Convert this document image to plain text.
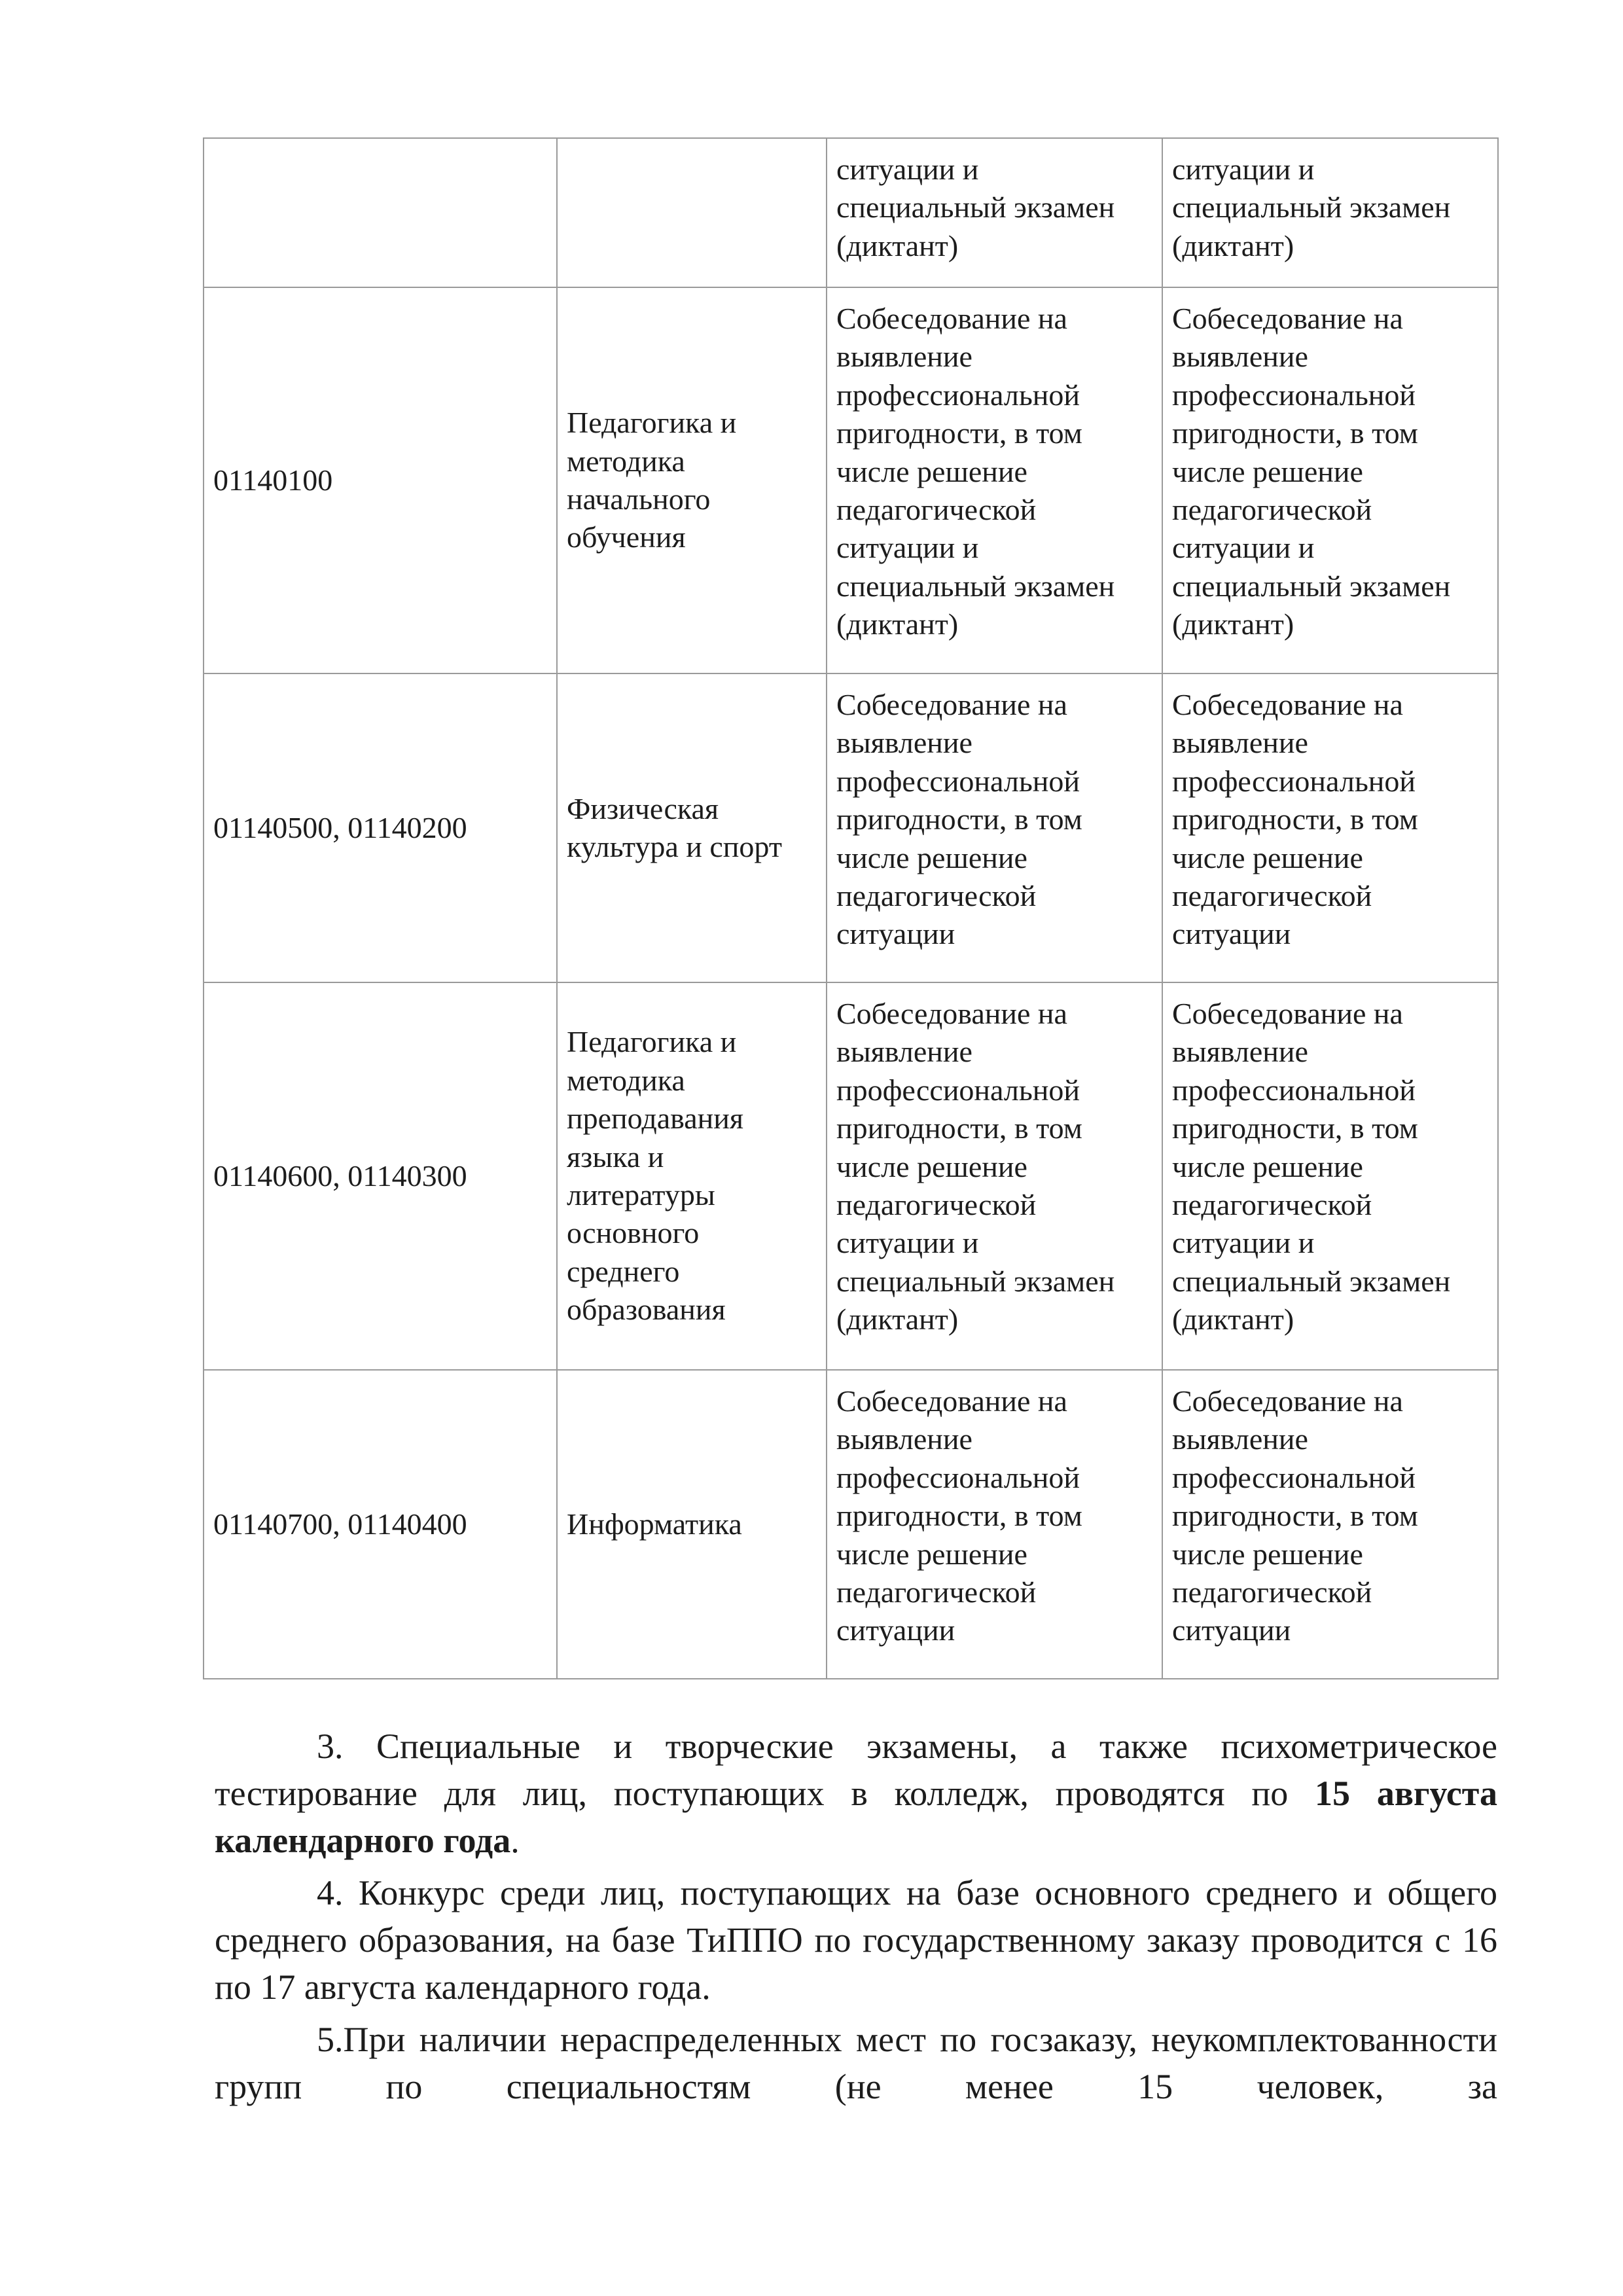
		ситуации и специальный экзамен (диктант)	ситуации и специальный экзамен (диктант)
01140100	Педагогика и методика начального обучения	Собеседование на выявление профессиональной пригодности, в том числе решение педагогической ситуации и специальный экзамен (диктант)	Собеседование на выявление профессиональной пригодности, в том числе решение педагогической ситуации и специальный экзамен (диктант)
01140500, 01140200	Физическая культура и спорт	Собеседование на выявление профессиональной пригодности, в том числе решение педагогической ситуации	Собеседование на выявление профессиональной пригодности, в том числе решение педагогической ситуации
01140600, 01140300	Педагогика и методика преподавания языка и литературы основного среднего образования	Собеседование на выявление профессиональной пригодности, в том числе решение педагогической ситуации и специальный экзамен (диктант)	Собеседование на выявление профессиональной пригодности, в том числе решение педагогической ситуации и специальный экзамен (диктант)
01140700, 01140400	Информатика	Собеседование на выявление профессиональной пригодности, в том числе решение педагогической ситуации	Собеседование на выявление профессиональной пригодности, в том числе решение педагогической ситуации

3. Специальные и творческие экзамены, а также психометрическое тестирование для лиц, поступающих в колледж, проводятся по 15 августа календарного года.

4. Конкурс среди лиц, поступающих на базе основного среднего и общего среднего образования, на базе ТиППО по государственному заказу проводится с 16 по 17 августа календарного года.

5.При наличии нераспределенных мест по госзаказу, неукомплектованности групп по специальностям (не менее 15 человек, за
